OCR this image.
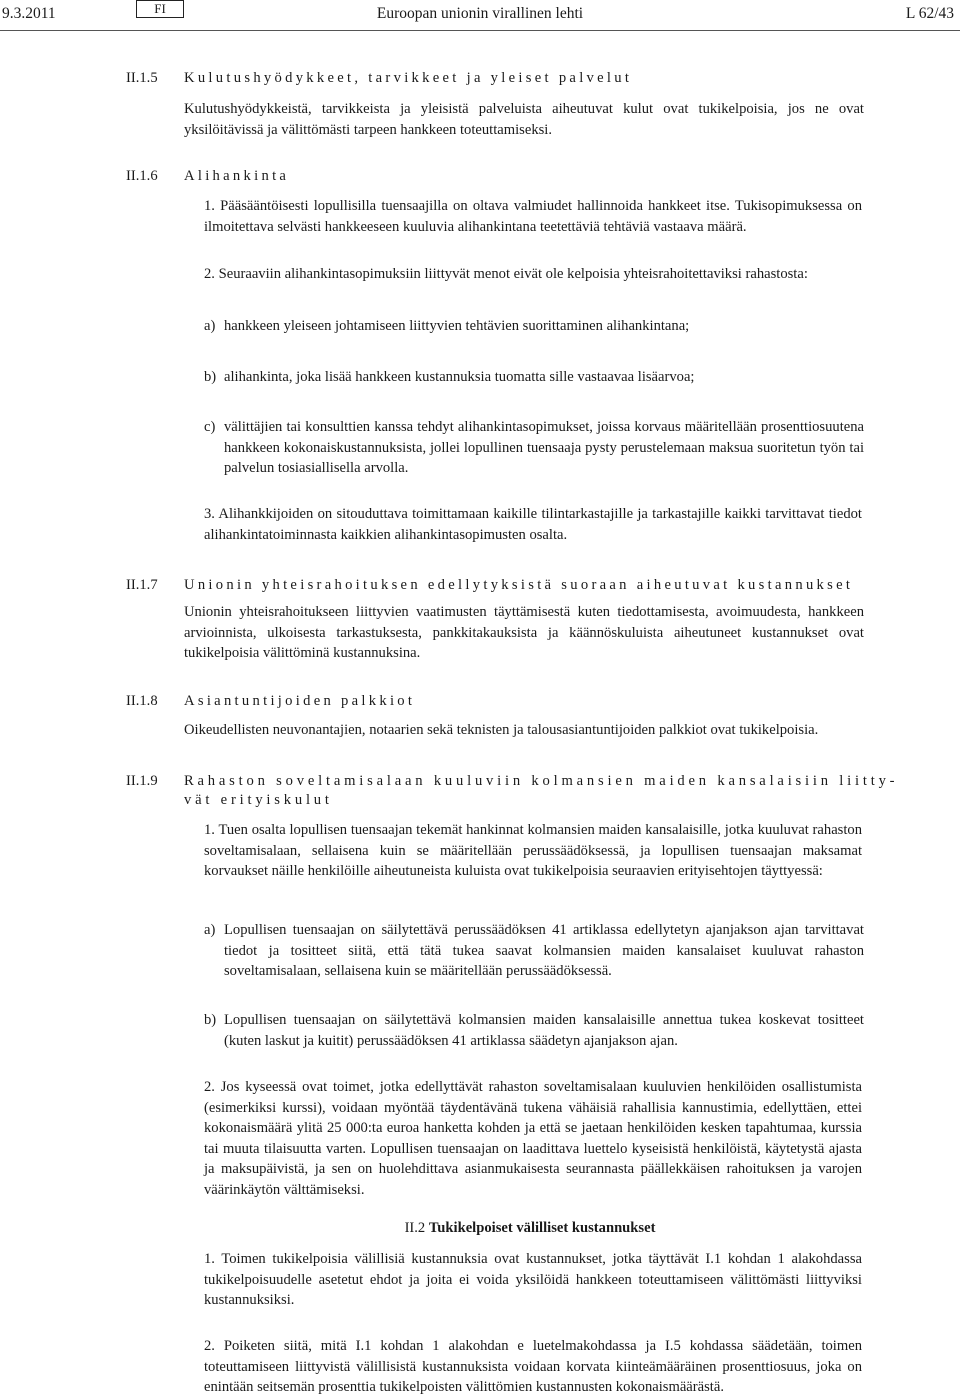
9.3.2011	FI	Euroopan unionin virallinen lehti	L 62/43
II.1.5 Kulutushyödykkeet, tarvikkeet ja yleiset palvelut
Kulutushyödykkeistä, tarvikkeista ja yleisistä palveluista aiheutuvat kulut ovat tukikelpoisia, jos ne ovat yksilöitävissä ja välittömästi tarpeen hankkeen toteuttamiseksi.
II.1.6 Alihankinta
1. Pääsääntöisesti lopullisilla tuensaajilla on oltava valmiudet hallinnoida hankkeet itse. Tukisopimuksessa on ilmoitettava selvästi hankkeeseen kuuluvia alihankintana teetettäviä tehtäviä vastaava määrä.
2. Seuraaviin alihankintasopimuksiin liittyvät menot eivät ole kelpoisia yhteisrahoitettaviksi rahastosta:
a) hankkeen yleiseen johtamiseen liittyvien tehtävien suorittaminen alihankintana;
b) alihankinta, joka lisää hankkeen kustannuksia tuomatta sille vastaavaa lisäarvoa;
c) välittäjien tai konsulttien kanssa tehdyt alihankintasopimukset, joissa korvaus määritellään prosenttiosuutena hankkeen kokonaiskustannuksista, jollei lopullinen tuensaaja pysty perustelemaan maksua suoritetun työn tai palvelun tosiasiallisella arvolla.
3. Alihankkijoiden on sitouduttava toimittamaan kaikille tilintarkastajille ja tarkastajille kaikki tarvittavat tiedot alihankintatoiminnasta kaikkien alihankintasopimusten osalta.
II.1.7 Unionin yhteisrahoituksen edellytyksistä suoraan aiheutuvat kustannukset
Unionin yhteisrahoitukseen liittyvien vaatimusten täyttämisestä kuten tiedottamisesta, avoimuudesta, hankkeen arvioinnista, ulkoisesta tarkastuksesta, pankkitakauksista ja käännöskuluista aiheutuneet kustannukset ovat tukikelpoisia välittöminä kustannuksina.
II.1.8 Asiantuntijoiden palkkiot
Oikeudellisten neuvonantajien, notaarien sekä teknisten ja talousasiantuntijoiden palkkiot ovat tukikelpoisia.
II.1.9 Rahaston soveltamisalaan kuuluviin kolmansien maiden kansalaisiin liitty-
vät erityiskulut
1. Tuen osalta lopullisen tuensaajan tekemät hankinnat kolmansien maiden kansalaisille, jotka kuuluvat rahaston soveltamisalaan, sellaisena kuin se määritellään perussäädöksessä, ja lopullisen tuensaajan maksamat korvaukset näille henkilöille aiheutuneista kuluista ovat tukikelpoisia seuraavien erityisehtojen täyttyessä:
a) Lopullisen tuensaajan on säilytettävä perussäädöksen 41 artiklassa edellytetyn ajanjakson ajan tarvittavat tiedot ja tositteet siitä, että tätä tukea saavat kolmansien maiden kansalaiset kuuluvat rahaston soveltamisalaan, sellaisena kuin se määritellään perussäädöksessä.
b) Lopullisen tuensaajan on säilytettävä kolmansien maiden kansalaisille annettua tukea koskevat tositteet (kuten laskut ja kuitit) perussäädöksen 41 artiklassa säädetyn ajanjakson ajan.
2. Jos kyseessä ovat toimet, jotka edellyttävät rahaston soveltamisalaan kuuluvien henkilöiden osallistumista (esimerkiksi kurssi), voidaan myöntää täydentävänä tukena vähäisiä rahallisia kannustimia, edellyttäen, ettei kokonaismäärä ylitä 25 000:ta euroa hanketta kohden ja että se jaetaan henkilöiden kesken tapahtumaa, kurssia tai muuta tilaisuutta varten. Lopullisen tuensaajan on laadittava luettelo kyseisistä henkilöistä, käytetystä ajasta ja maksupäivistä, ja sen on huolehdittava asianmukaisesta seurannasta päällekkäisen rahoituksen ja varojen väärinkäytön välttämiseksi.
II.2 Tukikelpoiset välilliset kustannukset
1. Toimen tukikelpoisia välillisiä kustannuksia ovat kustannukset, jotka täyttävät I.1 kohdan 1 alakohdassa tukikelpoisuudelle asetetut ehdot ja joita ei voida yksilöidä hankkeen toteuttamiseen välittömästi liittyviksi kustannuksiksi.
2. Poiketen siitä, mitä I.1 kohdan 1 alakohdan e luetelmakohdassa ja I.5 kohdassa säädetään, toimen toteuttamiseen liittyvistä välillisistä kustannuksista voidaan korvata kiinteämääräinen prosenttiosuus, joka on enintään seitsemän prosenttia tukikelpoisten välittömien kustannusten kokonaismäärästä.
